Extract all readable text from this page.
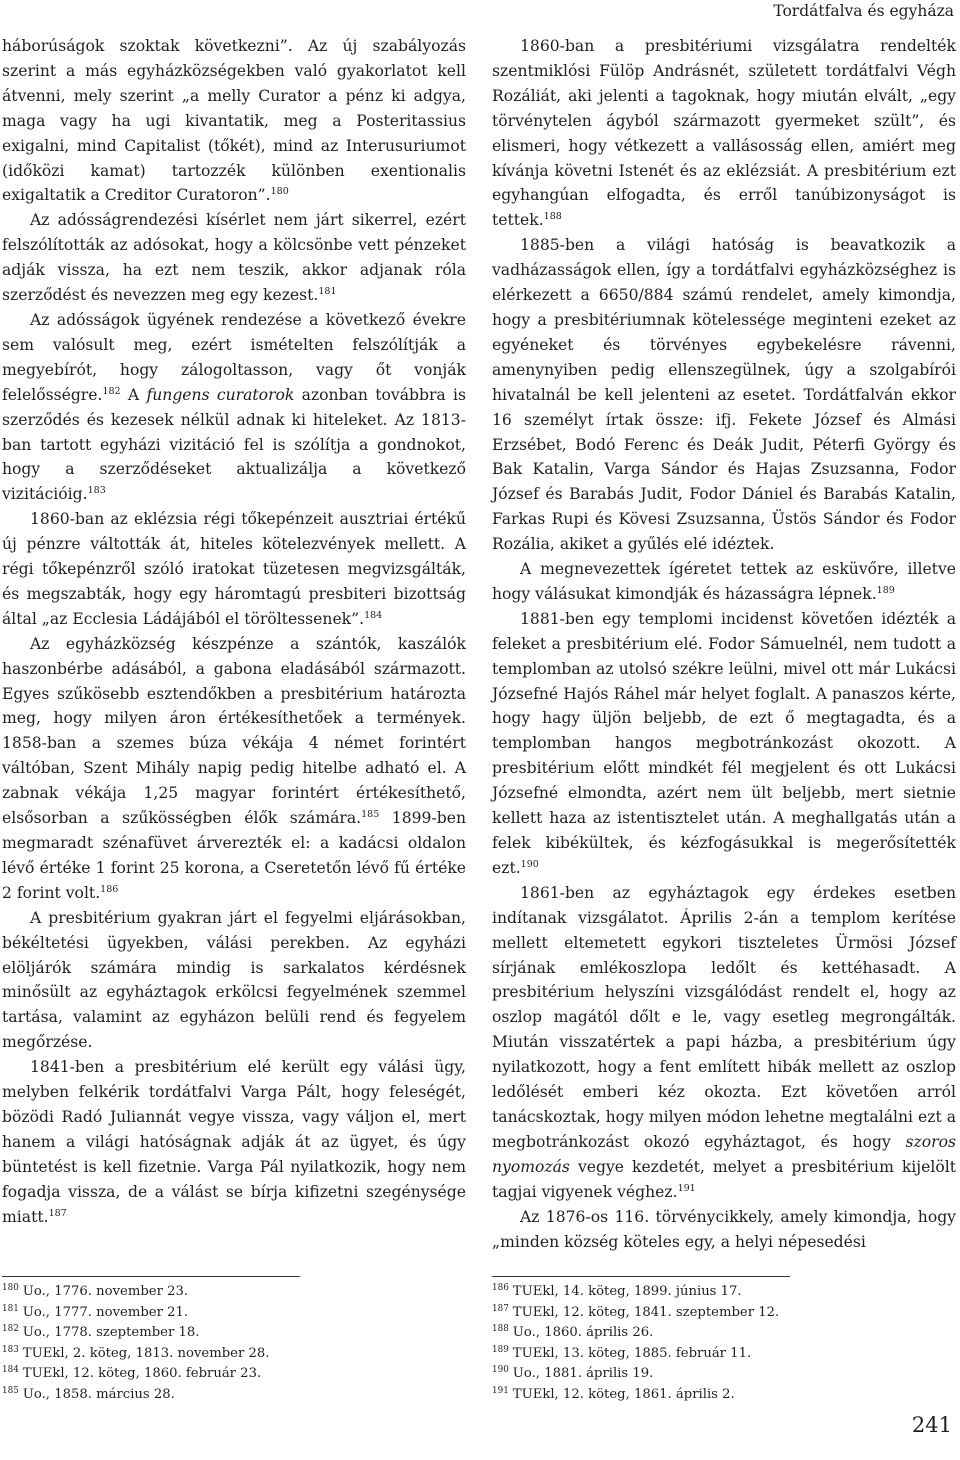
Tordátfalva és egyháza

háborúságok szoktak következni”. Az új szabályozás szerint a más egyházközségekben való gyakorlatot kell átvenni, mely szerint „a melly Curator a pénz ki adgya, maga vagy ha ugi kivantatik, meg a Posteritassius exigalni, mind Capitalist (tőkét), mind az Interusuriumot (időközi kamat) tartozzék különben exentionalis exigaltatik a Creditor Curatoron”.$^{180}$

Az adósságrendezési kísérlet nem járt sikerrel, ezért felszólították az adósokat, hogy a kölcsönbe vett pénzeket adják vissza, ha ezt nem teszik, akkor adjanak róla szerződést és nevezzen meg egy kezest.$^{181}$

Az adósságok ügyének rendezése a következő évekre sem valósult meg, ezért ismételten felszólítják a megyebírót, hogy zálogoltasson, vagy őt vonják felelősségre.$^{182}$ A fungens curatorok azonban továbbra is szerződés és kezesek nélkül adnak ki hiteleket. Az 1813-ban tartott egyházi vizitáció fel is szólítja a gondnokot, hogy a szerződéseket aktualizálja a következő vizitációig.$^{183}$

1860-ban az eklézsia régi tőkepénzeit ausztriai értékű új pénzre váltották át, hiteles kötelezvények mellett. A régi tőkepénzről szóló iratokat tüzetesen megvizsgálták, és megszabták, hogy egy háromtagú presbiteri bizottság által „az Ecclesia Ládájából el töröltessenek”.$^{184}$

Az egyházközség készpénze a szántók, kaszálók haszonbérbe adásából, a gabona eladásából származott. Egyes szűkösebb esztendőkben a presbitérium határozta meg, hogy milyen áron értékesíthetőek a termények. 1858-ban a szemes búza vékája 4 német forintért váltóban, Szent Mihály napig pedig hitelbe adható el. A zabnak vékája 1,25 magyar forintért értékesíthető, elsősorban a szűkösségben élők számára.$^{185}$ 1899-ben megmaradt szénafüvet árverezték el: a kadácsi oldalon lévő értéke 1 forint 25 korona, a Cseretetőn lévő fű értéke 2 forint volt.$^{186}$

A presbitérium gyakran járt el fegyelmi eljárásokban, békéltetési ügyekben, válási perekben. Az egyházi elöljárók számára mindig is sarkalatos kérdésnek minősült az egyháztagok erkölcsi fegyelmének szemmel tartása, valamint az egyházon belüli rend és fegyelem megőrzése.

1841-ben a presbitérium elé került egy válási ügy, melyben felkérik tordátfalvi Varga Pált, hogy feleségét, bözödi Radó Juliannát vegye vissza, vagy váljon el, mert hanem a világi hatóságnak adják át az ügyet, és úgy büntetést is kell fizetnie. Varga Pál nyilatkozik, hogy nem fogadja vissza, de a válást se bírja kifizetni szegénysége miatt.$^{187}$

1860-ban a presbitériumi vizsgálatra rendelték szentmiklósi Fülöp Andrásnét, született tordátfalvi Végh Rozáliát, aki jelenti a tagoknak, hogy miután elvált, „egy törvénytelen ágyból származott gyermeket szült”, és elismeri, hogy vétkezett a vallásosság ellen, amiért meg kívánja követni Istenét és az eklézsiát. A presbitérium ezt egyhangúan elfogadta, és erről tanúbizonyságot is tettek.$^{188}$

1885-ben a világi hatóság is beavatkozik a vadházasságok ellen, így a tordátfalvi egyházközséghez is elérkezett a 6650/884 számú rendelet, amely kimondja, hogy a presbitériumnak kötelessége meginteni ezeket az egyéneket és törvényes egybekelésre rávenni, amenynyiben pedig ellenszegülnek, úgy a szolgabírói hivatalnál be kell jelenteni az esetet. Tordátfalván ekkor 16 személyt írtak össze: ifj. Fekete József és Almási Erzsébet, Bodó Ferenc és Deák Judit, Péterfi György és Bak Katalin, Varga Sándor és Hajas Zsuzsanna, Fodor József és Barabás Judit, Fodor Dániel és Barabás Katalin, Farkas Rupi és Kövesi Zsuzsanna, Üstös Sándor és Fodor Rozália, akiket a gyűlés elé idéztek.

A megnevezettek ígéretet tettek az esküvőre, illetve hogy válásukat kimondják és házasságra lépnek.$^{189}$

1881-ben egy templomi incidenst követően idézték a feleket a presbitérium elé. Fodor Sámuelnél, nem tudott a templomban az utolsó székre leülni, mivel ott már Lukácsi Józsefné Hajós Ráhel már helyet foglalt. A panaszos kérte, hogy hagy üljön beljebb, de ezt ő megtagadta, és a templomban hangos megbotránkozást okozott. A presbitérium előtt mindkét fél megjelent és ott Lukácsi Józsefné elmondta, azért nem ült beljebb, mert sietnie kellett haza az istentisztelet után. A meghallgatás után a felek kibékültek, és kézfogásukkal is megerősítették ezt.$^{190}$

1861-ben az egyháztagok egy érdekes esetben indítanak vizsgálatot. Április 2-án a templom kerítése mellett eltemetett egykori tiszteletes Ürmösi József sírjának emlékoszlopa ledőlt és kettéhasadt. A presbitérium helyszíni vizsgálódást rendelt el, hogy az oszlop magától dőlt e le, vagy esetleg megrongálták. Miután visszatértek a papi házba, a presbitérium úgy nyilatkozott, hogy a fent említett hibák mellett az oszlop ledőlését emberi kéz okozta. Ezt követően arról tanácskoztak, hogy milyen módon lehetne megtalálni ezt a megbotránkozást okozó egyháztagot, és hogy szoros nyomozás vegye kezdetét, melyet a presbitérium kijelölt tagjai vigyenek véghez.$^{191}$

Az 1876-os 116. törvénycikkely, amely kimondja, hogy „minden község köteles egy, a helyi népesedési

$^{180}$ Uo., 1776. november 23.
$^{181}$ Uo., 1777. november 21.
$^{182}$ Uo., 1778. szeptember 18.
$^{183}$ TUEkl, 2. köteg, 1813. november 28.
$^{184}$ TUEkl, 12. köteg, 1860. február 23.
$^{185}$ Uo., 1858. március 28.
$^{186}$ TUEkl, 14. köteg, 1899. június 17.
$^{187}$ TUEkl, 12. köteg, 1841. szeptember 12.
$^{188}$ Uo., 1860. április 26.
$^{189}$ TUEkl, 13. köteg, 1885. február 11.
$^{190}$ Uo., 1881. április 19.
$^{191}$ TUEkl, 12. köteg, 1861. április 2.
241
